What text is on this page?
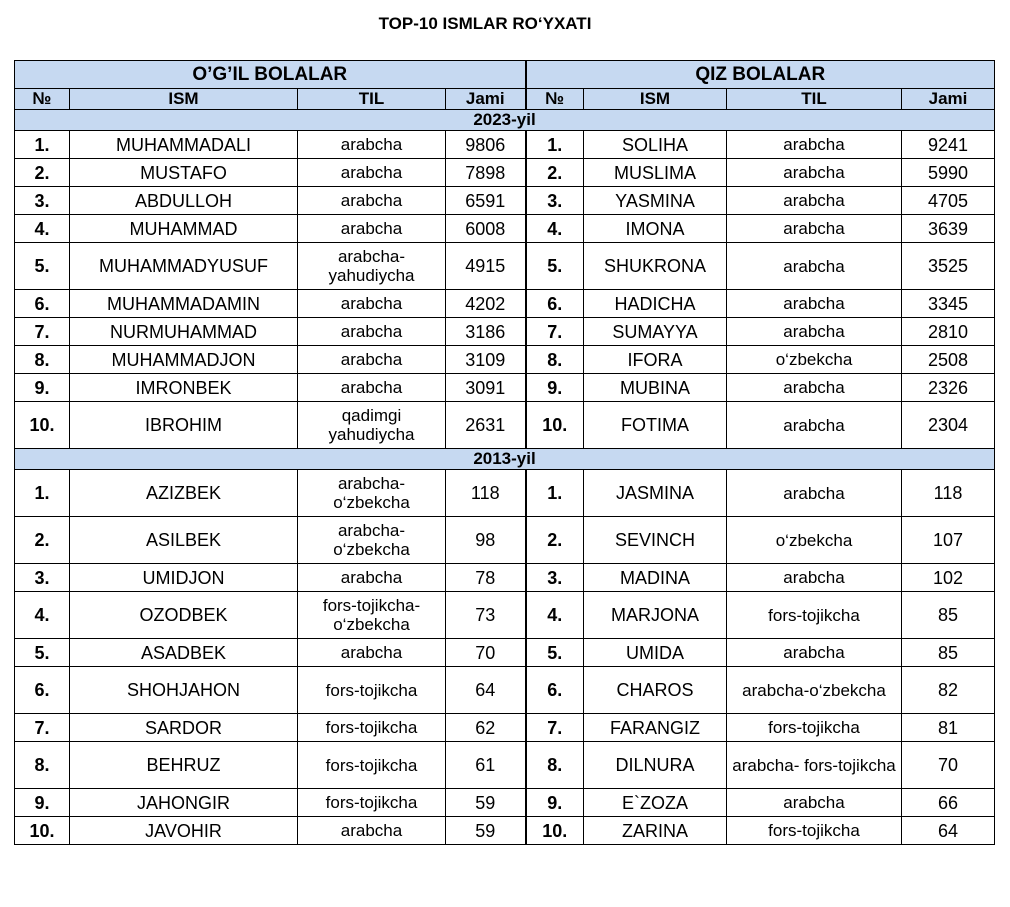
TOP-10 ISMLAR RO‘YXATI
O’G’IL BOLALAR				QIZ BOLALAR			
№	ISM	TIL	Jami	№	ISM	TIL	Jami
2023-yil							
1.	MUHAMMADALI	arabcha	9806	1.	SOLIHA	arabcha	9241
2.	MUSTAFO	arabcha	7898	2.	MUSLIMA	arabcha	5990
3.	ABDULLOH	arabcha	6591	3.	YASMINA	arabcha	4705
4.	MUHAMMAD	arabcha	6008	4.	IMONA	arabcha	3639
5.	MUHAMMADYUSUF	arabcha-yahudiycha	4915	5.	SHUKRONA	arabcha	3525
6.	MUHAMMADAMIN	arabcha	4202	6.	HADICHA	arabcha	3345
7.	NURMUHAMMAD	arabcha	3186	7.	SUMAYYA	arabcha	2810
8.	MUHAMMADJON	arabcha	3109	8.	IFORA	o‘zbekcha	2508
9.	IMRONBEK	arabcha	3091	9.	MUBINA	arabcha	2326
10.	IBROHIM	qadimgi yahudiycha	2631	10.	FOTIMA	arabcha	2304
2013-yil							
1.	AZIZBEK	arabcha-o‘zbekcha	118	1.	JASMINA	arabcha	118
2.	ASILBEK	arabcha-o‘zbekcha	98	2.	SEVINCH	o‘zbekcha	107
3.	UMIDJON	arabcha	78	3.	MADINA	arabcha	102
4.	OZODBEK	fors-tojikcha-o‘zbekcha	73	4.	MARJONA	fors-tojikcha	85
5.	ASADBEK	arabcha	70	5.	UMIDA	arabcha	85
6.	SHOHJAHON	fors-tojikcha	64	6.	CHAROS	arabcha-o‘zbekcha	82
7.	SARDOR	fors-tojikcha	62	7.	FARANGIZ	fors-tojikcha	81
8.	BEHRUZ	fors-tojikcha	61	8.	DILNURA	arabcha- fors-tojikcha	70
9.	JAHONGIR	fors-tojikcha	59	9.	E`ZOZA	arabcha	66
10.	JAVOHIR	arabcha	59	10.	ZARINA	fors-tojikcha	64
